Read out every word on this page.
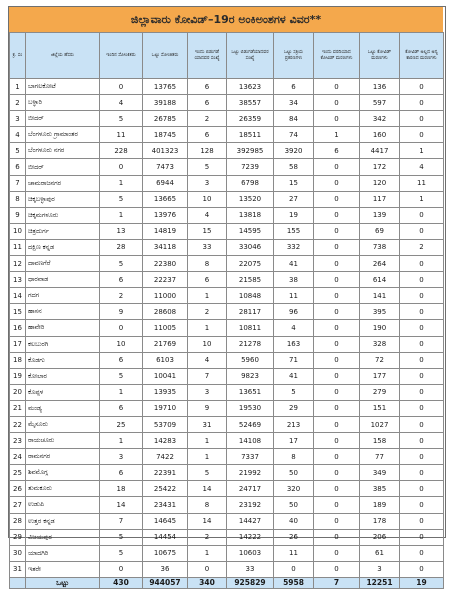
ಜಿಲ್ಲಾವಾರು ಕೋವಿಡ್–19ರ ಅಂಕಿಅಂಶಗಳ ವಿವರ**
ಕ್ರ. ಸಂ	ಜಿಲ್ಲೆಯ ಹೆಸರು	ಇಂದಿನ ಸೋಂಕಿತರು	ಒಟ್ಟು ಸೋಂಕಿತರು	ಇಂದು ಬಿಡುಗಡೆ ಯಾದವರ ಸಂಖ್ಯೆ	ಒಟ್ಟು ಬಿಡುಗಡೆಯಾದವರ ಸಂಖ್ಯೆ	ಒಟ್ಟು ಸಕ್ರಿಯ ಪ್ರಕರಣಗಳು	ಇಂದು ವರದಿಯಾದ ಕೋವಿಡ್ ಮರಣಗಳು	ಒಟ್ಟು ಕೋವಿಡ್ ಮರಣಗಳು	ಕೋವಿಡ್ ಅಲ್ಲದ ಅನ್ಯ ಕಾರಣದ ಮರಣಗಳು
1	ಬಾಗಲಕೋಟೆ	0	13765	6	13623	6	0	136	0
2	ಬಳ್ಳಾರಿ	4	39188	6	38557	34	0	597	0
3	ಬೀದರ್	5	26785	2	26359	84	0	342	0
4	ಬೆಂಗಳೂರು ಗ್ರಾಮಾಂತರ	11	18745	6	18511	74	1	160	0
5	ಬೆಂಗಳೂರು ನಗರ	228	401323	128	392985	3920	6	4417	1
6	ಬೀದರ್	0	7473	5	7239	58	0	172	4
7	ಚಾಮರಾಜನಗರ	1	6944	3	6798	15	0	120	11
8	ಚಿಕ್ಕಬಳ್ಳಾಪುರ	5	13665	10	13520	27	0	117	1
9	ಚಿಕ್ಕಮಗಳೂರು	1	13976	4	13818	19	0	139	0
10	ಚಿತ್ರದುರ್ಗ	13	14819	15	14595	155	0	69	0
11	ದಕ್ಷಿಣ ಕನ್ನಡ	28	34118	33	33046	332	0	738	2
12	ದಾವಣಗೆರೆ	5	22380	8	22075	41	0	264	0
13	ಧಾರವಾಡ	6	22237	6	21585	38	0	614	0
14	ಗದಗ	2	11000	1	10848	11	0	141	0
15	ಹಾಸನ	9	28608	2	28117	96	0	395	0
16	ಹಾವೇರಿ	0	11005	1	10811	4	0	190	0
17	ಕಲಬುರಗಿ	10	21769	10	21278	163	0	328	0
18	ಕೊಡಗು	6	6103	4	5960	71	0	72	0
19	ಕೋಲಾರ	5	10041	7	9823	41	0	177	0
20	ಕೊಪ್ಪಳ	1	13935	3	13651	5	0	279	0
21	ಮಂಡ್ಯ	6	19710	9	19530	29	0	151	0
22	ಮೈಸೂರು	25	53709	31	52469	213	0	1027	0
23	ರಾಯಚೂರು	1	14283	1	14108	17	0	158	0
24	ರಾಮನಗರ	3	7422	1	7337	8	0	77	0
25	ಶಿವಮೊಗ್ಗ	6	22391	5	21992	50	0	349	0
26	ತುಮಕೂರು	18	25422	14	24717	320	0	385	0
27	ಉಡುಪಿ	14	23431	8	23192	50	0	189	0
28	ಉತ್ತರ ಕನ್ನಡ	7	14645	14	14427	40	0	178	0
29	ವಿಜಯಪುರ	5	14454	2	14222	26	0	206	0
30	ಯಾದಗಿರಿ	5	10675	1	10603	11	0	61	0
31	ಇತರೇ	0	36	0	33	0	0	3	0
	ಒಟ್ಟು	430	944057	340	925829	5958	7	12251	19
